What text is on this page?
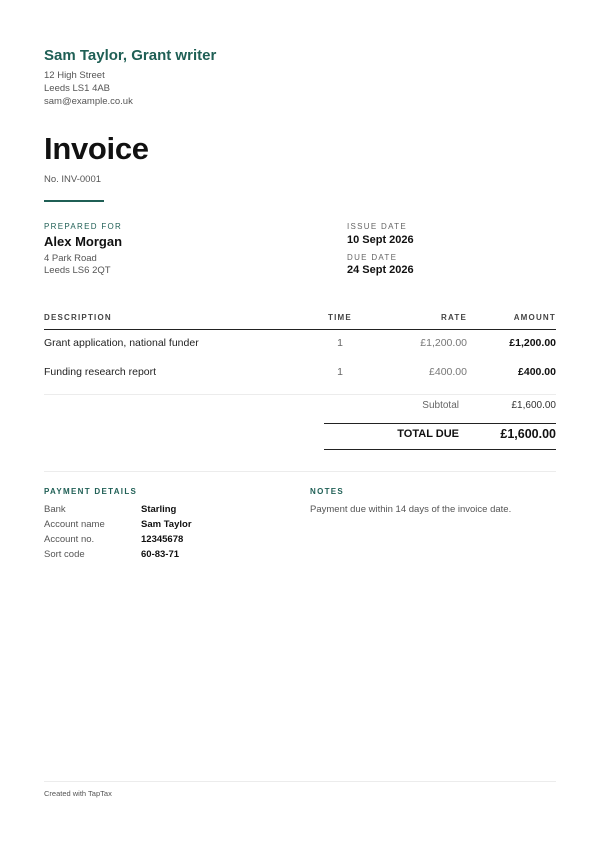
Sam Taylor, Grant writer
12 High Street
Leeds LS1 4AB
sam@example.co.uk
Invoice
No. INV-0001
PREPARED FOR
Alex Morgan
4 Park Road
Leeds LS6 2QT
ISSUE DATE
10 Sept 2026
DUE DATE
24 Sept 2026
DESCRIPTION	TIME	RATE	AMOUNT
Grant application, national funder	1	£1,200.00	£1,200.00
Funding research report	1	£400.00	£400.00
Subtotal	£1,600.00
TOTAL DUE	£1,600.00
PAYMENT DETAILS
Bank	Starling
Account name	Sam Taylor
Account no.	12345678
Sort code	60-83-71
NOTES
Payment due within 14 days of the invoice date.
Created with TapTax
